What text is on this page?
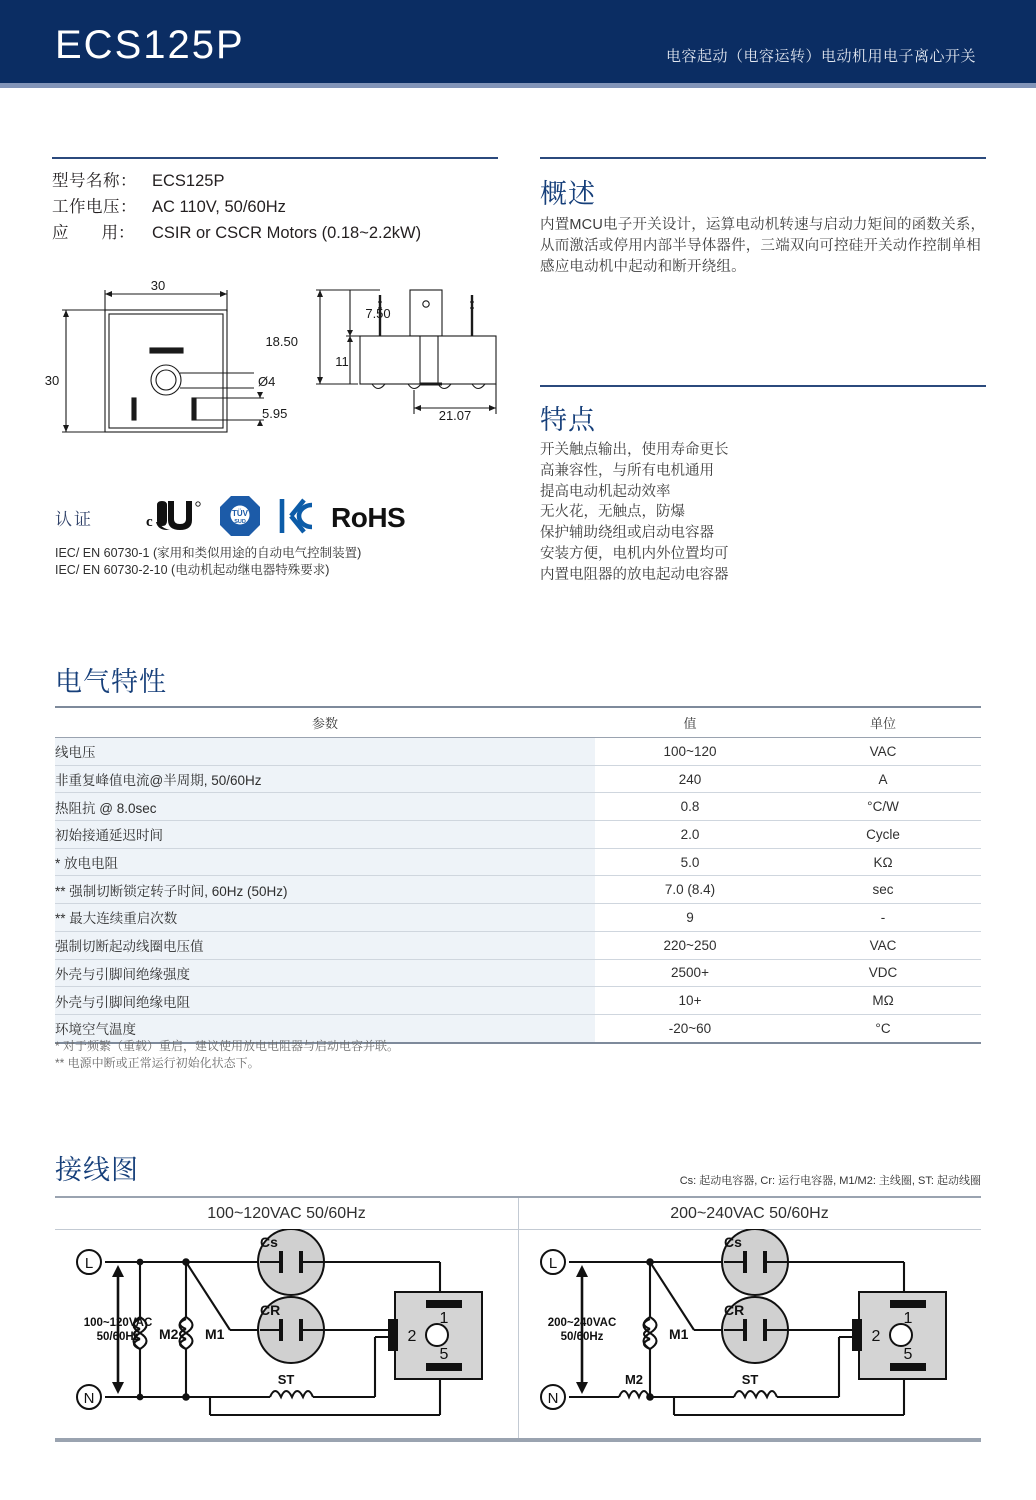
ECS125P	电容起动（电容运转）电动机用电子离心开关
型号名称： ECS125P
工作电压： AC 110V, 50/60Hz
应　　用：	CSIR or CSCR Motors (0.18~2.2kW)
概述
内置MCU电子开关设计，运算电动机转速与启动力矩间的函数关系，从而激活或停用内部半导体器件，三端双向可控硅开关动作控制单相感应电动机中起动和断开绕组。
特点
开关触点输出，使用寿命更长
高兼容性，与所有电机通用
提高电动机起动效率
无火花，无触点，防爆
保护辅助绕组或启动电容器
安装方便，电机内外位置均可
内置电阻器的放电起动电容器
30
30	Ø4
5.95
18.50
7.50
11
21.07
认证	c
TÜV
SUD	RoHS
IEC/ EN 60730-1 (家用和类似用途的自动电气控制装置)
IEC/ EN 60730-2-10 (电动机起动继电器特殊要求)
电气特性
参数	值	单位
线电压	100~120	VAC
非重复峰值电流@半周期, 50/60Hz	240	A
热阻抗 @ 8.0sec	0.8	°C/W
初始接通延迟时间	2.0	Cycle
* 放电电阻	5.0	KΩ
** 强制切断锁定转子时间, 60Hz (50Hz)	7.0 (8.4)	sec
** 最大连续重启次数	9	-
强制切断起动线圈电压值	220~250	VAC
外壳与引脚间绝缘强度	2500+	VDC
外壳与引脚间绝缘电阻	10+	MΩ
环境空气温度	-20~60	°C
* 对于频繁（重载）重启，建议使用放电电阻器与启动电容并联。
** 电源中断或正常运行初始化状态下。
接线图	Cs: 起动电容器, Cr: 运行电容器, M1/M2: 主线圈, ST: 起动线圈
100~120VAC 50/60Hz	200~240VAC 50/60Hz
L
N
1
2
5
100~120VAC
50/60Hz M2 M1
Cs
CR
ST
L
N
1
2
5
200~240VAC
50/60Hz
M2
M1
Cs
CR
ST
